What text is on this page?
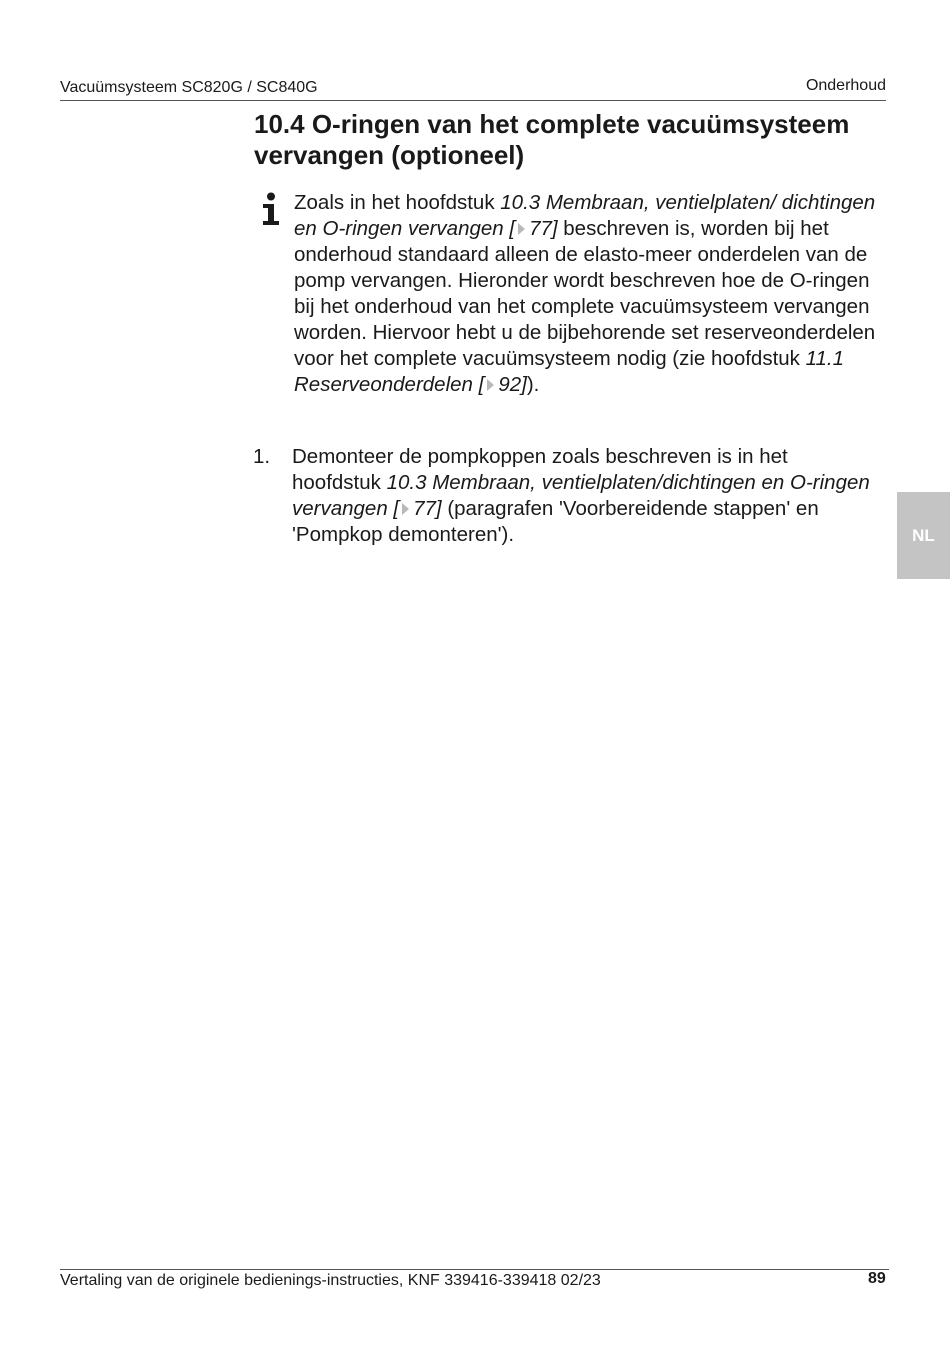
Vacuümsysteem SC820G / SC840G	Onderhoud
10.4 O-ringen van het complete vacuümsysteem vervangen (optioneel)

Zoals in het hoofdstuk 10.3 Membraan, ventielplaten/ dichtingen en O-ringen vervangen [ 77] beschreven is, worden bij het onderhoud standaard alleen de elasto-meer onderdelen van de pomp vervangen. Hieronder wordt beschreven hoe de O-ringen bij het onderhoud van het complete vacuümsysteem vervangen worden. Hiervoor hebt u de bijbehorende set reserveonderdelen voor het complete vacuümsysteem nodig (zie hoofdstuk 11.1 Reserveonderdelen [ 92]).

1. Demonteer de pompkoppen zoals beschreven is in het hoofdstuk 10.3 Membraan, ventielplaten/dichtingen en O-ringen vervangen [ 77] (paragrafen 'Voorbereidende stappen' en 'Pompkop demonteren').	NL
Vertaling van de originele bedienings-instructies, KNF 339416-339418 02/23	89
